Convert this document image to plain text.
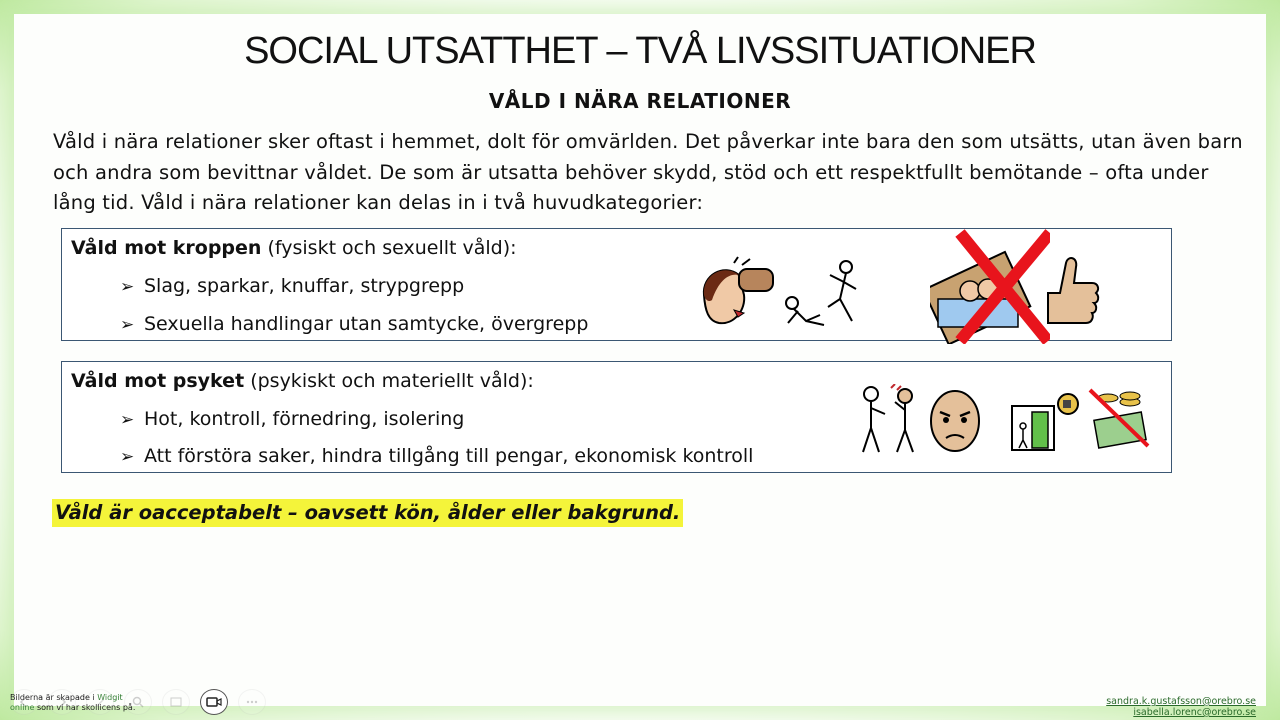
SOCIAL UTSATTHET – TVÅ LIVSSITUATIONER
VÅLD I NÄRA RELATIONER
Våld i nära relationer sker oftast i hemmet, dolt för omvärlden. Det påverkar inte bara den som utsätts, utan även barn och andra som bevittnar våldet. De som är utsatta behöver skydd, stöd och ett respektfullt bemötande – ofta under lång tid. Våld i nära relationer kan delas in i två huvudkategorier:
Våld mot kroppen (fysiskt och sexuellt våld):
➢ Slag, sparkar, knuffar, strypgrepp
➢ Sexuella handlingar utan samtycke, övergrepp
Våld mot psyket (psykiskt och materiellt våld):
➢ Hot, kontroll, förnedring, isolering
➢ Att förstöra saker, hindra tillgång till pengar, ekonomisk kontroll
Våld är oacceptabelt – oavsett kön, ålder eller bakgrund.
Bilderna är skapade i Widgit
online som vi har skollicens på.
sandra.k.gustafsson@orebro.se
isabella.lorenc@orebro.se
